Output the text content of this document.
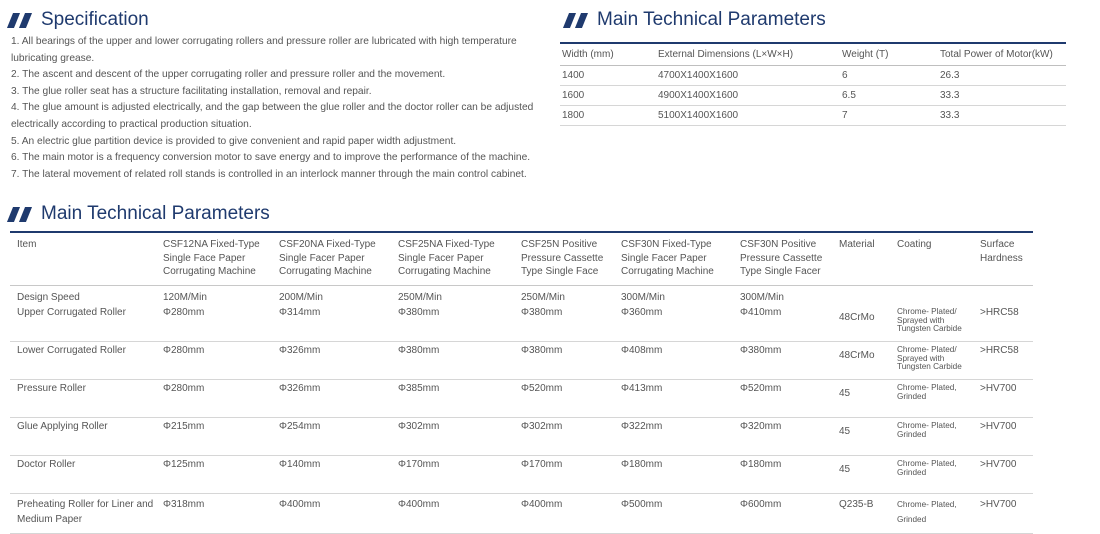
Specification
1. All bearings of the upper and lower corrugating rollers and pressure roller are lubricated with high temperature lubricating grease.
2. The ascent and descent of the upper corrugating roller and pressure roller and the movement.
3. The glue roller seat has a structure facilitating installation, removal and repair.
4. The glue amount is adjusted electrically, and the gap between the glue roller and the doctor roller can be adjusted electrically according to practical production situation.
5. An electric glue partition device is provided to give convenient and rapid paper width adjustment.
6. The main motor is a frequency conversion motor to save energy and to improve the performance of the machine.
7. The lateral movement of related roll stands is controlled in an interlock manner through the main control cabinet.
Main Technical Parameters
Width (mm)	External Dimensions (L×W×H)	Weight (T)	Total Power of Motor(kW)
1400	4700X1400X1600	6	26.3
1600	4900X1400X1600	6.5	33.3
1800	5100X1400X1600	7	33.3
Main Technical Parameters
Item	CSF12NA Fixed-Type Single Face Paper Corrugating Machine	CSF20NA Fixed-Type Single Facer Paper Corrugating Machine	CSF25NA Fixed-Type Single Facer Paper Corrugating Machine	CSF25N Positive Pressure Cassette Type Single Face	CSF30N Fixed-Type Single Facer Paper Corrugating Machine	CSF30N Positive Pressure Cassette Type Single Facer	Material	Coating	Surface Hardness
Design Speed	120M/Min	200M/Min	250M/Min	250M/Min	300M/Min	300M/Min			
Upper Corrugated Roller	Φ280mm	Φ314mm	Φ380mm	Φ380mm	Φ360mm	Φ410mm	48CrMo	Chrome- Plated/ Sprayed with Tungsten Carbide	>HRC58
Lower Corrugated Roller	Φ280mm	Φ326mm	Φ380mm	Φ380mm	Φ408mm	Φ380mm	48CrMo	Chrome- Plated/ Sprayed with Tungsten Carbide	>HRC58
Pressure Roller	Φ280mm	Φ326mm	Φ385mm	Φ520mm	Φ413mm	Φ520mm	45	Chrome- Plated, Grinded	>HV700
Glue Applying Roller	Φ215mm	Φ254mm	Φ302mm	Φ302mm	Φ322mm	Φ320mm	45	Chrome- Plated, Grinded	>HV700
Doctor Roller	Φ125mm	Φ140mm	Φ170mm	Φ170mm	Φ180mm	Φ180mm	45	Chrome- Plated, Grinded	>HV700
Preheating Roller for Liner and Medium Paper	Φ318mm	Φ400mm	Φ400mm	Φ400mm	Φ500mm	Φ600mm	Q235-B	Chrome- Plated, Grinded	>HV700
